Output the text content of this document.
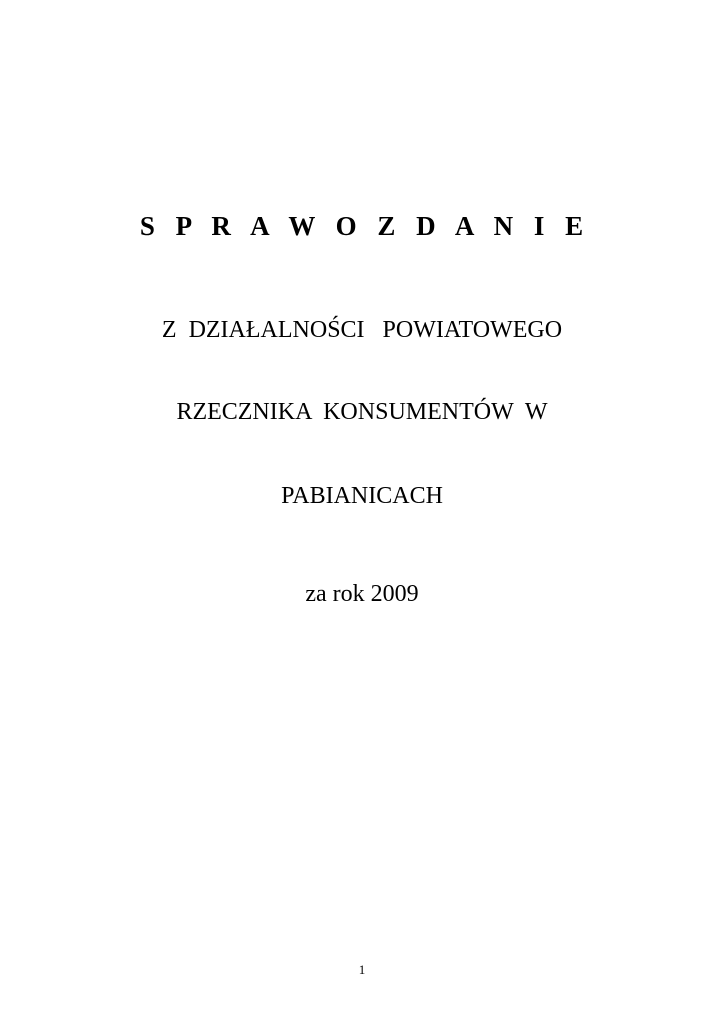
S P R A W O Z D A N I E
Z  DZIAŁALNOŚCI   POWIATOWEGO
RZECZNIKA  KONSUMENTÓW  W
PABIANICACH
za rok 2009
1
